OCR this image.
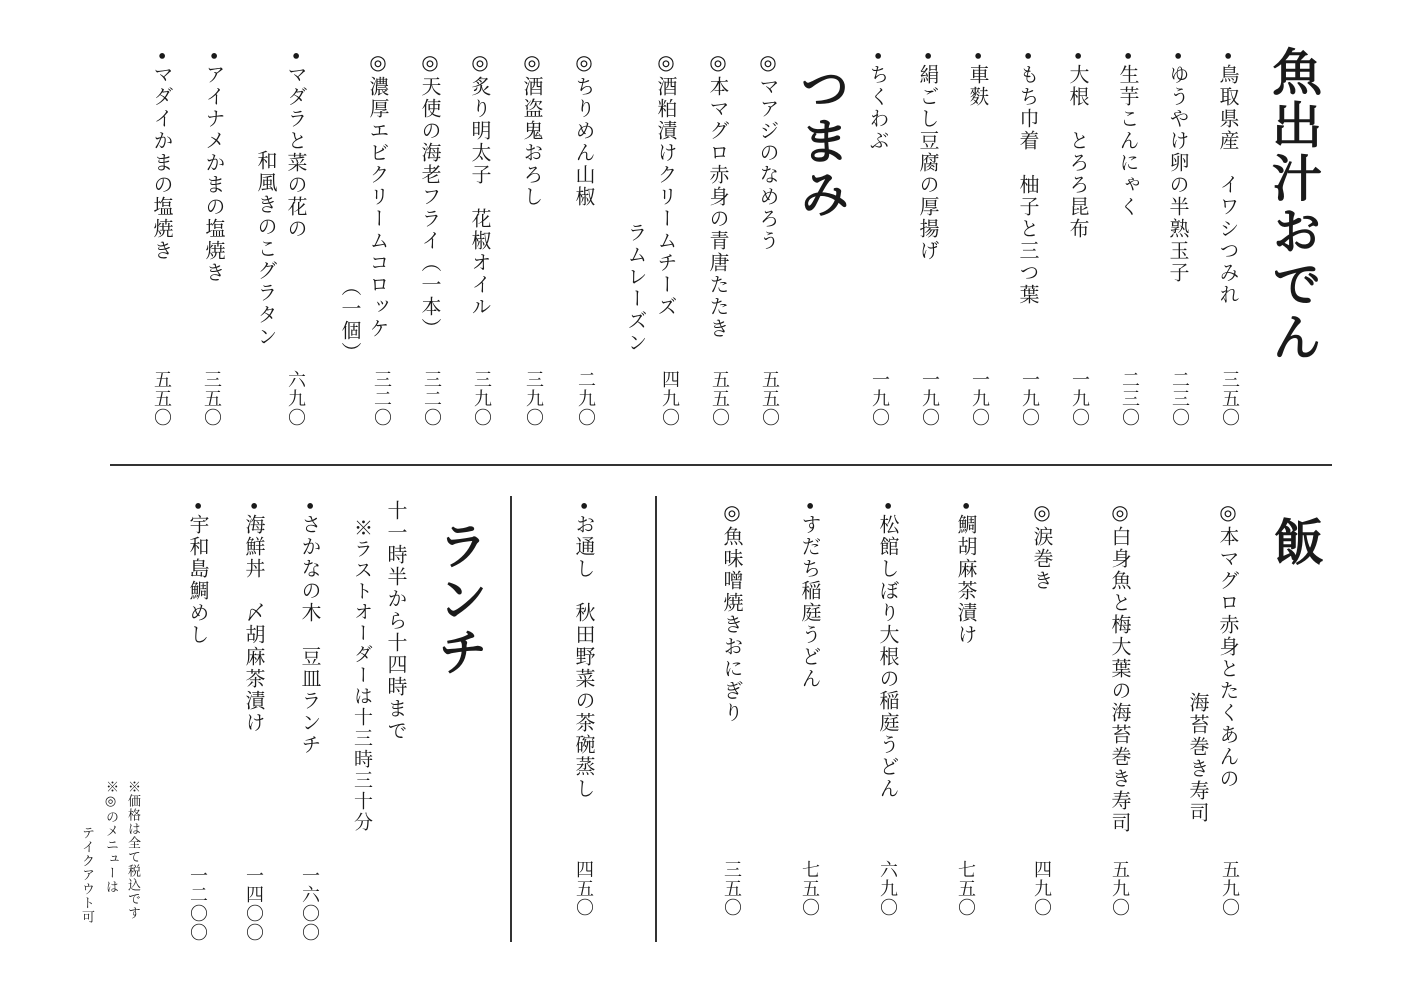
魚出汁おでん
•鳥取県産　イワシつみれ
三五〇
•ゆうやけ卵の半熟玉子
二三〇
•生芋こんにゃく
二三〇
•大根　とろろ昆布
一九〇
•もち巾着　柚子と三つ葉
一九〇
•車麩
一九〇
•絹ごし豆腐の厚揚げ
一九〇
•ちくわぶ
一九〇
つまみ
◎マアジのなめろう
五五〇
◎本マグロ赤身の青唐たたき
五五〇
◎酒粕漬けクリームチーズ
ラムレーズン
四九〇
◎ちりめん山椒
二九〇
◎酒盗鬼おろし
三九〇
◎炙り明太子　花椒オイル
三九〇
◎天使の海老フライ（一本）
三二〇
◎濃厚エビクリームコロッケ
（一個）
三二〇
•マダラと菜の花の
和風きのこグラタン
六九〇
•アイナメかまの塩焼き
三五〇
•マダイかまの塩焼き
五五〇
飯
◎本マグロ赤身とたくあんの
海苔巻き寿司
五九〇
◎白身魚と梅大葉の海苔巻き寿司
五九〇
◎涙巻き
四九〇
•鯛胡麻茶漬け
七五〇
•松館しぼり大根の稲庭うどん
六九〇
•すだち稲庭うどん
七五〇
◎魚味噌焼きおにぎり
三五〇
•お通し　秋田野菜の茶碗蒸し
四五〇
ランチ
十一時半から十四時まで
※ラストオーダーは十三時三十分
•さかなの木　豆皿ランチ
一六〇〇
•海鮮丼　〆胡麻茶漬け
一四〇〇
•宇和島鯛めし
一二〇〇
※価格は全て税込です
※◎のメニューは
テイクアウト可
